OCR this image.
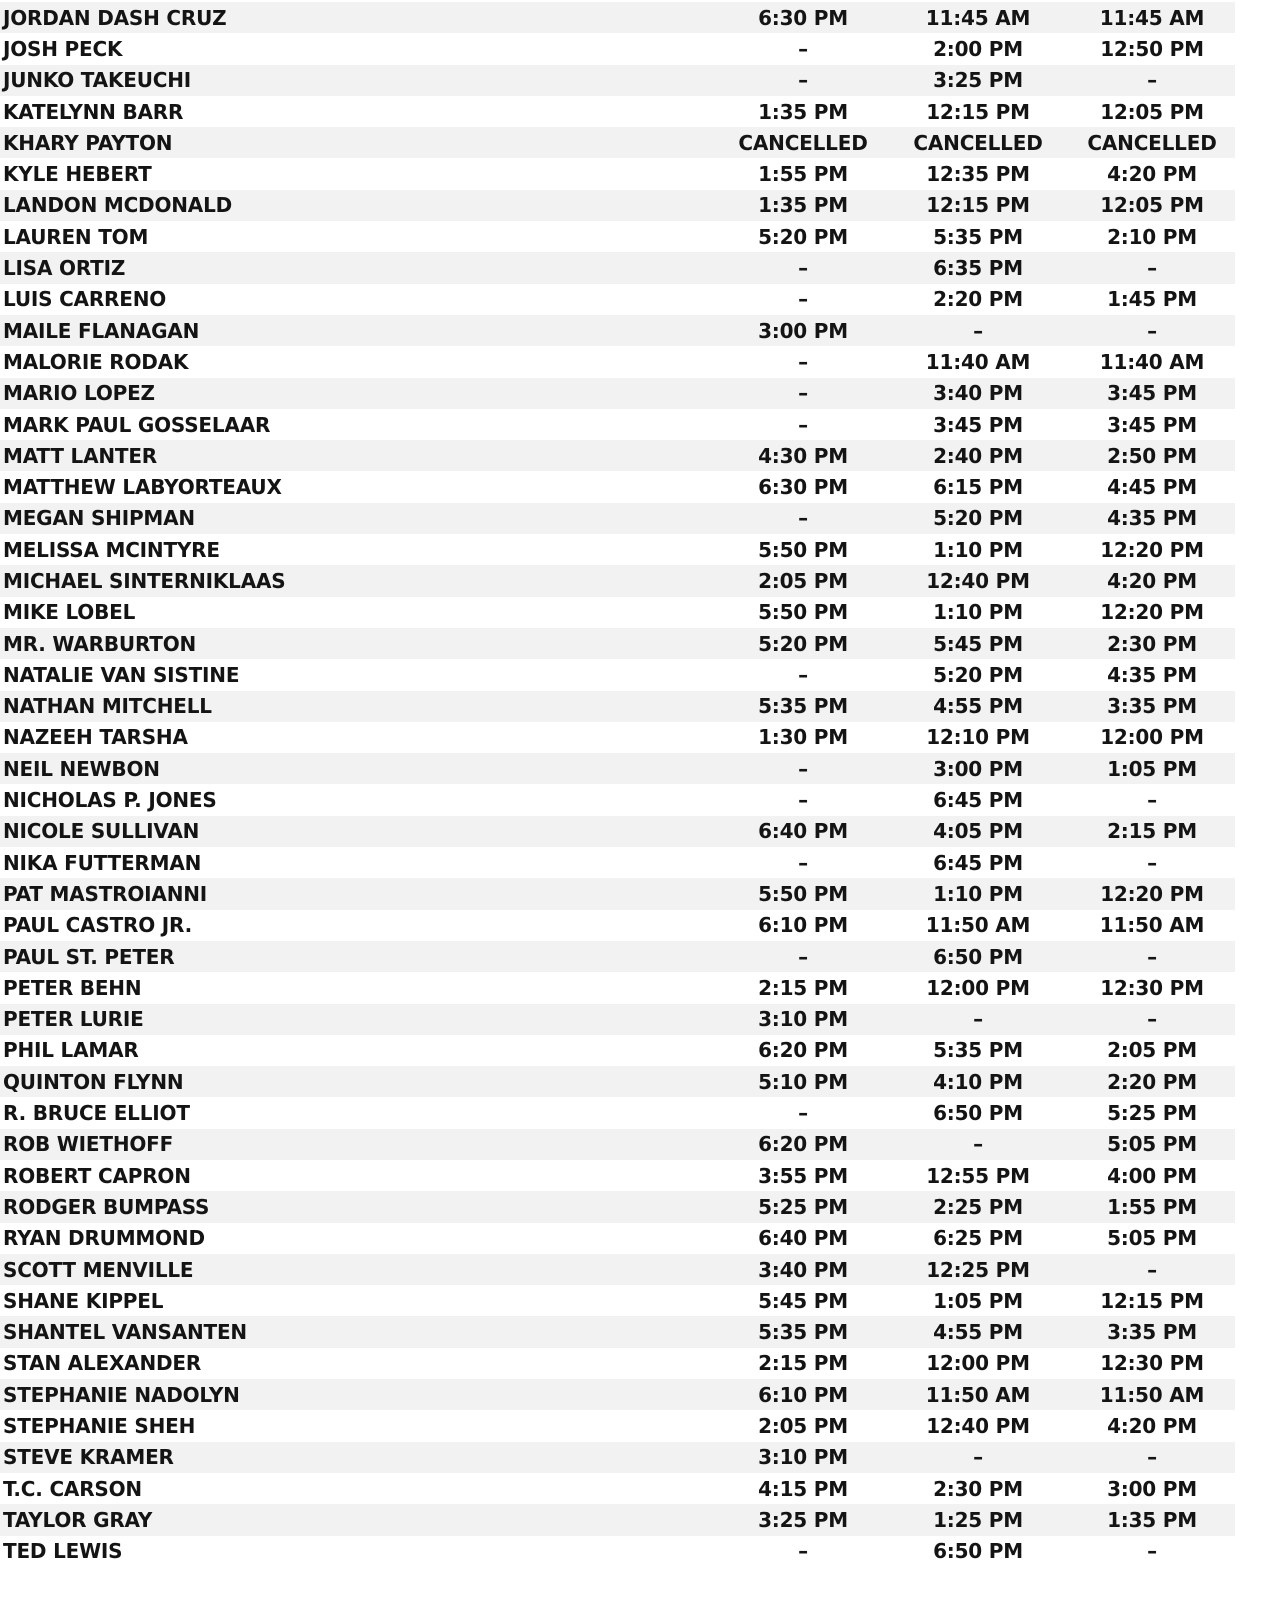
JORDAN DASH CRUZ	6:30 PM	11:45 AM	11:45 AM
JOSH PECK	–	2:00 PM	12:50 PM
JUNKO TAKEUCHI	–	3:25 PM	–
KATELYNN BARR	1:35 PM	12:15 PM	12:05 PM
KHARY PAYTON	CANCELLED	CANCELLED	CANCELLED
KYLE HEBERT	1:55 PM	12:35 PM	4:20 PM
LANDON MCDONALD	1:35 PM	12:15 PM	12:05 PM
LAUREN TOM	5:20 PM	5:35 PM	2:10 PM
LISA ORTIZ	–	6:35 PM	–
LUIS CARRENO	–	2:20 PM	1:45 PM
MAILE FLANAGAN	3:00 PM	–	–
MALORIE RODAK	–	11:40 AM	11:40 AM
MARIO LOPEZ	–	3:40 PM	3:45 PM
MARK PAUL GOSSELAAR	–	3:45 PM	3:45 PM
MATT LANTER	4:30 PM	2:40 PM	2:50 PM
MATTHEW LABYORTEAUX	6:30 PM	6:15 PM	4:45 PM
MEGAN SHIPMAN	–	5:20 PM	4:35 PM
MELISSA MCINTYRE	5:50 PM	1:10 PM	12:20 PM
MICHAEL SINTERNIKLAAS	2:05 PM	12:40 PM	4:20 PM
MIKE LOBEL	5:50 PM	1:10 PM	12:20 PM
MR. WARBURTON	5:20 PM	5:45 PM	2:30 PM
NATALIE VAN SISTINE	–	5:20 PM	4:35 PM
NATHAN MITCHELL	5:35 PM	4:55 PM	3:35 PM
NAZEEH TARSHA	1:30 PM	12:10 PM	12:00 PM
NEIL NEWBON	–	3:00 PM	1:05 PM
NICHOLAS P. JONES	–	6:45 PM	–
NICOLE SULLIVAN	6:40 PM	4:05 PM	2:15 PM
NIKA FUTTERMAN	–	6:45 PM	–
PAT MASTROIANNI	5:50 PM	1:10 PM	12:20 PM
PAUL CASTRO JR.	6:10 PM	11:50 AM	11:50 AM
PAUL ST. PETER	–	6:50 PM	–
PETER BEHN	2:15 PM	12:00 PM	12:30 PM
PETER LURIE	3:10 PM	–	–
PHIL LAMAR	6:20 PM	5:35 PM	2:05 PM
QUINTON FLYNN	5:10 PM	4:10 PM	2:20 PM
R. BRUCE ELLIOT	–	6:50 PM	5:25 PM
ROB WIETHOFF	6:20 PM	–	5:05 PM
ROBERT CAPRON	3:55 PM	12:55 PM	4:00 PM
RODGER BUMPASS	5:25 PM	2:25 PM	1:55 PM
RYAN DRUMMOND	6:40 PM	6:25 PM	5:05 PM
SCOTT MENVILLE	3:40 PM	12:25 PM	–
SHANE KIPPEL	5:45 PM	1:05 PM	12:15 PM
SHANTEL VANSANTEN	5:35 PM	4:55 PM	3:35 PM
STAN ALEXANDER	2:15 PM	12:00 PM	12:30 PM
STEPHANIE NADOLYN	6:10 PM	11:50 AM	11:50 AM
STEPHANIE SHEH	2:05 PM	12:40 PM	4:20 PM
STEVE KRAMER	3:10 PM	–	–
T.C. CARSON	4:15 PM	2:30 PM	3:00 PM
TAYLOR GRAY	3:25 PM	1:25 PM	1:35 PM
TED LEWIS	–	6:50 PM	–
